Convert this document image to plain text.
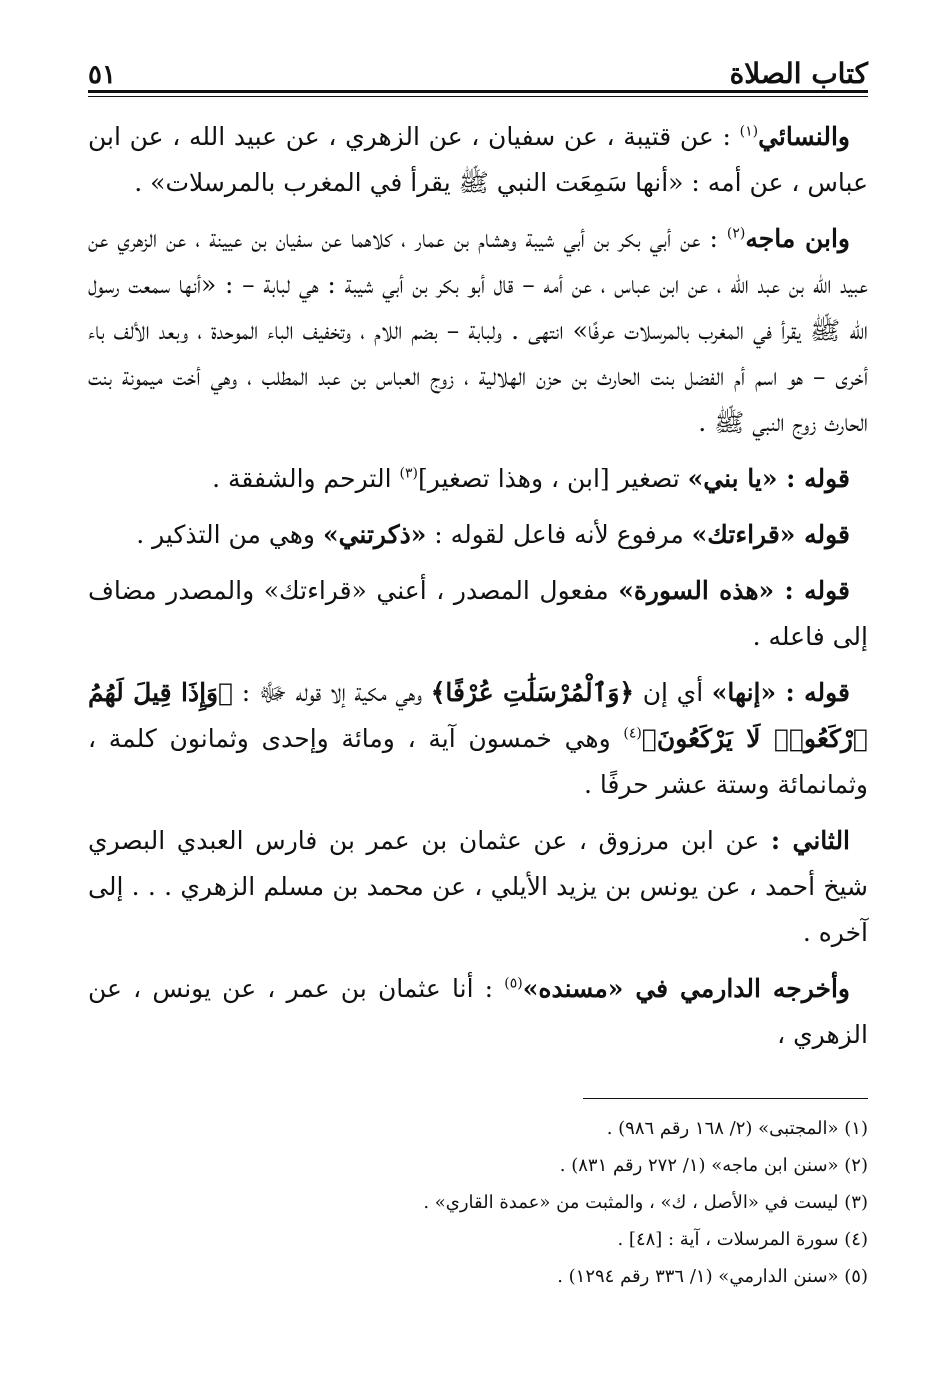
كتاب الصلاة
٥١

والنسائي$^{(١)}$ : عن قتيبة ، عن سفيان ، عن الزهري ، عن عبيد الله ، عن ابن عباس ، عن أمه : «أنها سَمِعَت النبي ﷺ يقرأ في المغرب بالمرسلات» .

وابن ماجه$^{(٢)}$ : عن أبي بكر بن أبي شيبة وهشام بن عمار ، كلاهما عن سفيان بن عيينة ، عن الزهري عن عبيد الله بن عبد الله ، عن ابن عباس ، عن أمه – قال أبو بكر بن أبي شيبة : هي لبابة – : «أنها سمعت رسول الله ﷺ يقرأ في المغرب بالمرسلات عرفًا» انتهى . ولبابة – بضم اللام ، وتخفيف الباء الموحدة ، وبعد الألف باء أخرى – هو اسم أم الفضل بنت الحارث بن حزن الهلالية ، زوج العباس بن عبد المطلب ، وهي أخت ميمونة بنت الحارث زوج النبي ﷺ .

قوله : «يا بني» تصغير [ابن ، وهذا تصغير]$^{(٣)}$ الترحم والشفقة .

قوله «قراءتك» مرفوع لأنه فاعل لقوله : «ذكرتني» وهي من التذكير .

قوله : «هذه السورة» مفعول المصدر ، أعني «قراءتك» والمصدر مضاف إلى فاعله .

قوله : «إنها» أي إن ﴿وَٱلْمُرْسَلَٰتِ عُرْفًا﴾ وهي مكية إلا قوله ﷻ : ﴿وَإِذَا قِيلَ لَهُمُ ٱرْكَعُوا۟ لَا يَرْكَعُونَ﴾$^{(٤)}$ وهي خمسون آية ، ومائة وإحدى وثمانون كلمة ، وثمانمائة وستة عشر حرفًا .

الثاني : عن ابن مرزوق ، عن عثمان بن عمر بن فارس العبدي البصري شيخ أحمد ، عن يونس بن يزيد الأيلي ، عن محمد بن مسلم الزهري . . . إلى آخره .

وأخرجه الدارمي في «مسنده»$^{(٥)}$ : أنا عثمان بن عمر ، عن يونس ، عن الزهري ،

(١) «المجتبى» (٢/ ١٦٨ رقم ٩٨٦) .

(٢) «سنن ابن ماجه» (١/ ٢٧٢ رقم ٨٣١) .

(٣) ليست في «الأصل ، ك» ، والمثبت من «عمدة القاري» .

(٤) سورة المرسلات ، آية : [٤٨] .

(٥) «سنن الدارمي» (١/ ٣٣٦ رقم ١٢٩٤) .
